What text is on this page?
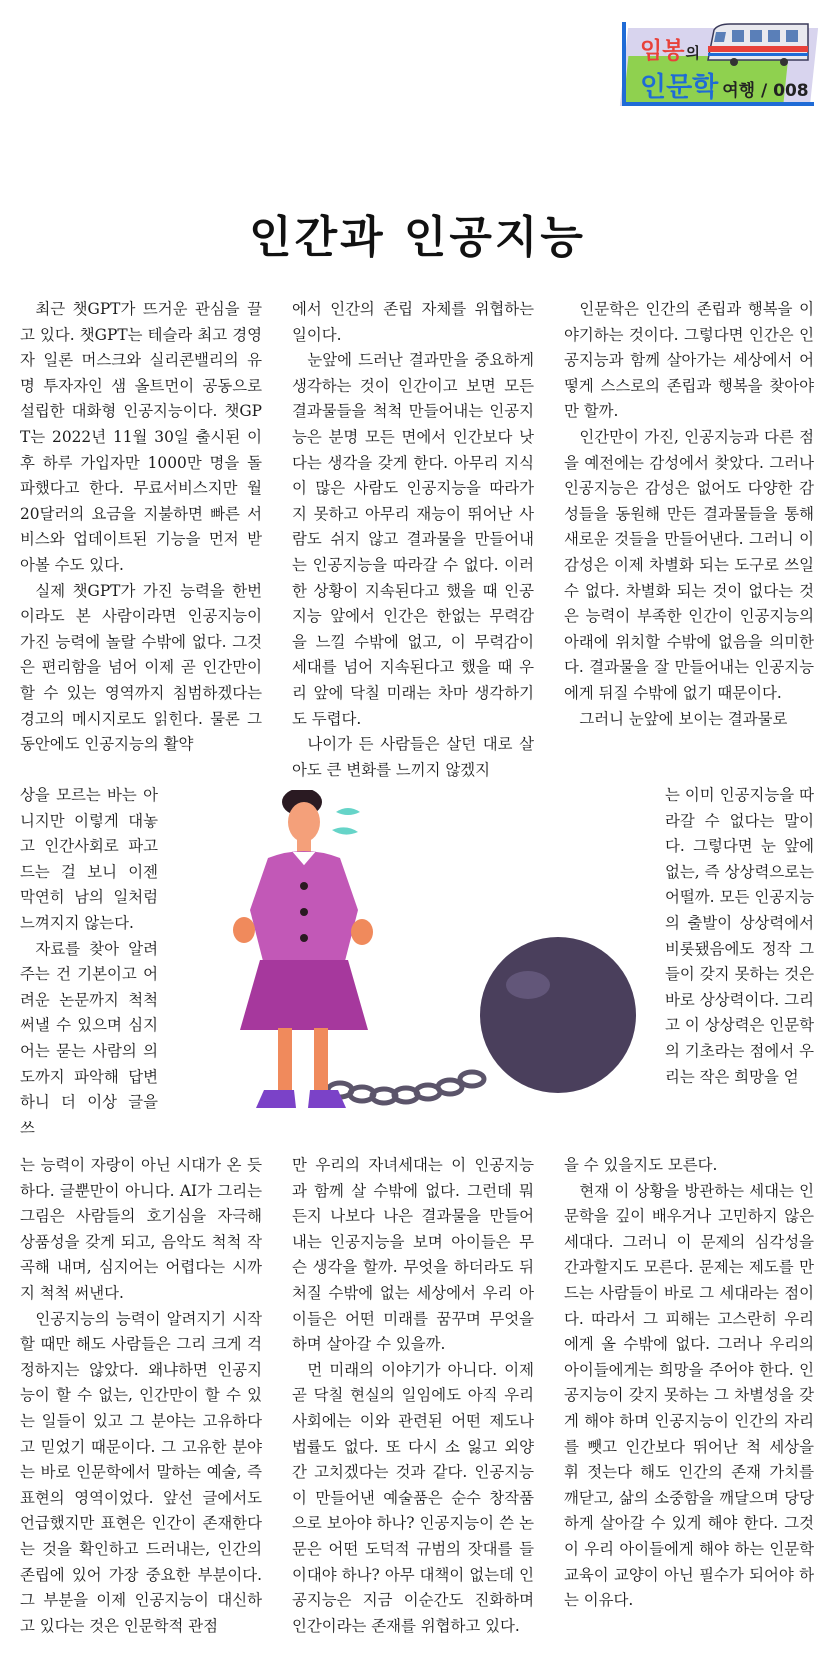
임봉의
인문학 여행 / 008
인간과 인공지능

최근 챗GPT가 뜨거운 관심을 끌고 있다. 챗GPT는 테슬라 최고 경영자 일론 머스크와 실리콘밸리의 유명 투자자인 샘 올트먼이 공동으로 설립한 대화형 인공지능이다. 챗GPT는 2022년 11월 30일 출시된 이후 하루 가입자만 1000만 명을 돌파했다고 한다. 무료서비스지만 월 20달러의 요금을 지불하면 빠른 서비스와 업데이트된 기능을 먼저 받아볼 수도 있다.

실제 챗GPT가 가진 능력을 한번이라도 본 사람이라면 인공지능이 가진 능력에 놀랄 수밖에 없다. 그것은 편리함을 넘어 이제 곧 인간만이 할 수 있는 영역까지 침범하겠다는 경고의 메시지로도 읽힌다. 물론 그동안에도 인공지능의 활약

상을 모르는 바는 아니지만 이렇게 대놓고 인간사회로 파고드는 걸 보니 이젠 막연히 남의 일처럼 느껴지지 않는다.

자료를 찾아 알려주는 건 기본이고 어려운 논문까지 척척 써낼 수 있으며 심지어는 묻는 사람의 의도까지 파악해 답변하니 더 이상 글을 쓰

는 능력이 자랑이 아닌 시대가 온 듯하다. 글뿐만이 아니다. AI가 그리는 그림은 사람들의 호기심을 자극해 상품성을 갖게 되고, 음악도 척척 작곡해 내며, 심지어는 어렵다는 시까지 척척 써낸다.

인공지능의 능력이 알려지기 시작할 때만 해도 사람들은 그리 크게 걱정하지는 않았다. 왜냐하면 인공지능이 할 수 없는, 인간만이 할 수 있는 일들이 있고 그 분야는 고유하다고 믿었기 때문이다. 그 고유한 분야는 바로 인문학에서 말하는 예술, 즉 표현의 영역이었다. 앞선 글에서도 언급했지만 표현은 인간이 존재한다는 것을 확인하고 드러내는, 인간의 존립에 있어 가장 중요한 부분이다. 그 부분을 이제 인공지능이 대신하고 있다는 것은 인문학적 관점

에서 인간의 존립 자체를 위협하는 일이다.

눈앞에 드러난 결과만을 중요하게 생각하는 것이 인간이고 보면 모든 결과물들을 척척 만들어내는 인공지능은 분명 모든 면에서 인간보다 낫다는 생각을 갖게 한다. 아무리 지식이 많은 사람도 인공지능을 따라가지 못하고 아무리 재능이 뛰어난 사람도 쉬지 않고 결과물을 만들어내는 인공지능을 따라갈 수 없다. 이러한 상황이 지속된다고 했을 때 인공지능 앞에서 인간은 한없는 무력감을 느낄 수밖에 없고, 이 무력감이 세대를 넘어 지속된다고 했을 때 우리 앞에 닥칠 미래는 차마 생각하기도 두렵다.

나이가 든 사람들은 살던 대로 살아도 큰 변화를 느끼지 않겠지

만 우리의 자녀세대는 이 인공지능과 함께 살 수밖에 없다. 그런데 뭐든지 나보다 나은 결과물을 만들어내는 인공지능을 보며 아이들은 무슨 생각을 할까. 무엇을 하더라도 뒤처질 수밖에 없는 세상에서 우리 아이들은 어떤 미래를 꿈꾸며 무엇을 하며 살아갈 수 있을까.

먼 미래의 이야기가 아니다. 이제 곧 닥칠 현실의 일임에도 아직 우리 사회에는 이와 관련된 어떤 제도나 법률도 없다. 또 다시 소 잃고 외양간 고치겠다는 것과 같다. 인공지능이 만들어낸 예술품은 순수 창작품으로 보아야 하나? 인공지능이 쓴 논문은 어떤 도덕적 규범의 잣대를 들이대야 하나? 아무 대책이 없는데 인공지능은 지금 이순간도 진화하며 인간이라는 존재를 위협하고 있다.

인문학은 인간의 존립과 행복을 이야기하는 것이다. 그렇다면 인간은 인공지능과 함께 살아가는 세상에서 어떻게 스스로의 존립과 행복을 찾아야만 할까.

인간만이 가진, 인공지능과 다른 점을 예전에는 감성에서 찾았다. 그러나 인공지능은 감성은 없어도 다양한 감성들을 동원해 만든 결과물들을 통해 새로운 것들을 만들어낸다. 그러니 이 감성은 이제 차별화 되는 도구로 쓰일 수 없다. 차별화 되는 것이 없다는 것은 능력이 부족한 인간이 인공지능의 아래에 위치할 수밖에 없음을 의미한다. 결과물을 잘 만들어내는 인공지능에게 뒤질 수밖에 없기 때문이다.

그러니 눈앞에 보이는 결과물로

는 이미 인공지능을 따라갈 수 없다는 말이다. 그렇다면 눈 앞에 없는, 즉 상상력으로는 어떨까. 모든 인공지능의 출발이 상상력에서 비롯됐음에도 정작 그들이 갖지 못하는 것은 바로 상상력이다. 그리고 이 상상력은 인문학의 기초라는 점에서 우리는 작은 희망을 얻

을 수 있을지도 모른다.

현재 이 상황을 방관하는 세대는 인문학을 깊이 배우거나 고민하지 않은 세대다. 그러니 이 문제의 심각성을 간과할지도 모른다. 문제는 제도를 만드는 사람들이 바로 그 세대라는 점이다. 따라서 그 피해는 고스란히 우리에게 올 수밖에 없다. 그러나 우리의 아이들에게는 희망을 주어야 한다. 인공지능이 갖지 못하는 그 차별성을 갖게 해야 하며 인공지능이 인간의 자리를 뺏고 인간보다 뛰어난 척 세상을 휘 젓는다 해도 인간의 존재 가치를 깨닫고, 삶의 소중함을 깨달으며 당당하게 살아갈 수 있게 해야 한다. 그것이 우리 아이들에게 해야 하는 인문학 교육이 교양이 아닌 필수가 되어야 하는 이유다.
